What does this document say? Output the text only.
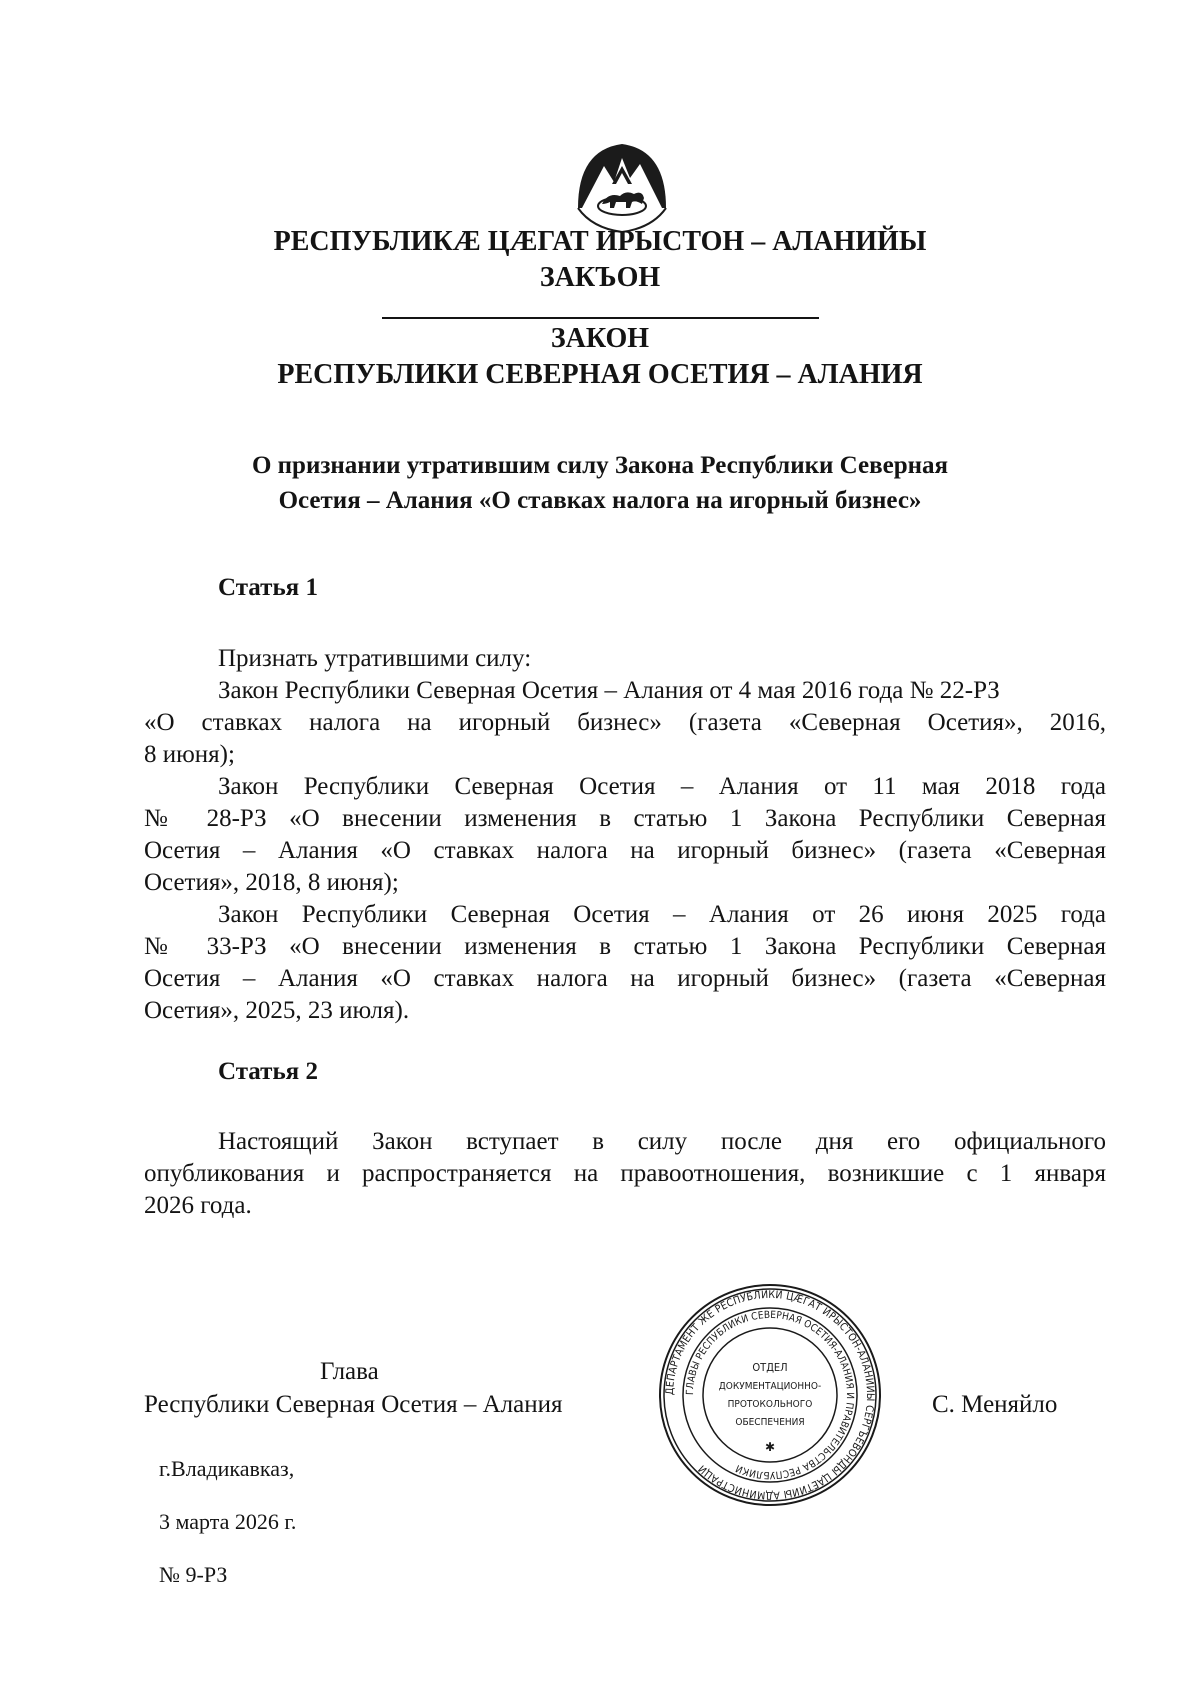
РЕСПУБЛИКÆ ЦÆГАТ ИРЫСТОН – АЛАНИЙЫ
ЗАКЪОН
ЗАКОН
РЕСПУБЛИКИ СЕВЕРНАЯ ОСЕТИЯ – АЛАНИЯ
О признании утратившим силу Закона Республики Северная
Осетия – Алания «О ставках налога на игорный бизнес»
Статья 1
Признать утратившими силу:
Закон Республики Северная Осетия – Алания от 4 мая 2016 года № 22-РЗ
«О ставках налога на игорный бизнес» (газета «Северная Осетия», 2016,
8 июня);
Закон Республики Северная Осетия – Алания от 11 мая 2018 года
№ 28-РЗ «О внесении изменения в статью 1 Закона Республики Северная
Осетия – Алания «О ставках налога на игорный бизнес» (газета «Северная
Осетия», 2018, 8 июня);
Закон Республики Северная Осетия – Алания от 26 июня 2025 года
№ 33-РЗ «О внесении изменения в статью 1 Закона Республики Северная
Осетия – Алания «О ставках налога на игорный бизнес» (газета «Северная
Осетия», 2025, 23 июля).
Статья 2
Настоящий Закон вступает в силу после дня его официального
опубликования и распространяется на правоотношения, возникшие с 1 января
2026 года.
Глава
Республики Северная Осетия – Алания	С. Меняйло
ДЕПАРТАМЕНТ ЖЕ РЕСПУБЛИКИ ЦÆГАТ ИРЫСТОН-АЛАНИЙЫ СЕРГЪЕВОНДЫ ЦАЕТИЙЫ АДМИНИСТРАЦИ
ГЛАВЫ РЕСПУБЛИКИ СЕВЕРНАЯ ОСЕТИЯ-АЛАНИЯ И ПРАВИТЕЛЬСТВА РЕСПУБЛИКИ
ОТДЕЛ
ДОКУМЕНТАЦИОННО-
ПРОТОКОЛЬНОГО
ОБЕСПЕЧЕНИЯ
✱
г.Владикавказ,
3 марта 2026 г.
№ 9-РЗ
